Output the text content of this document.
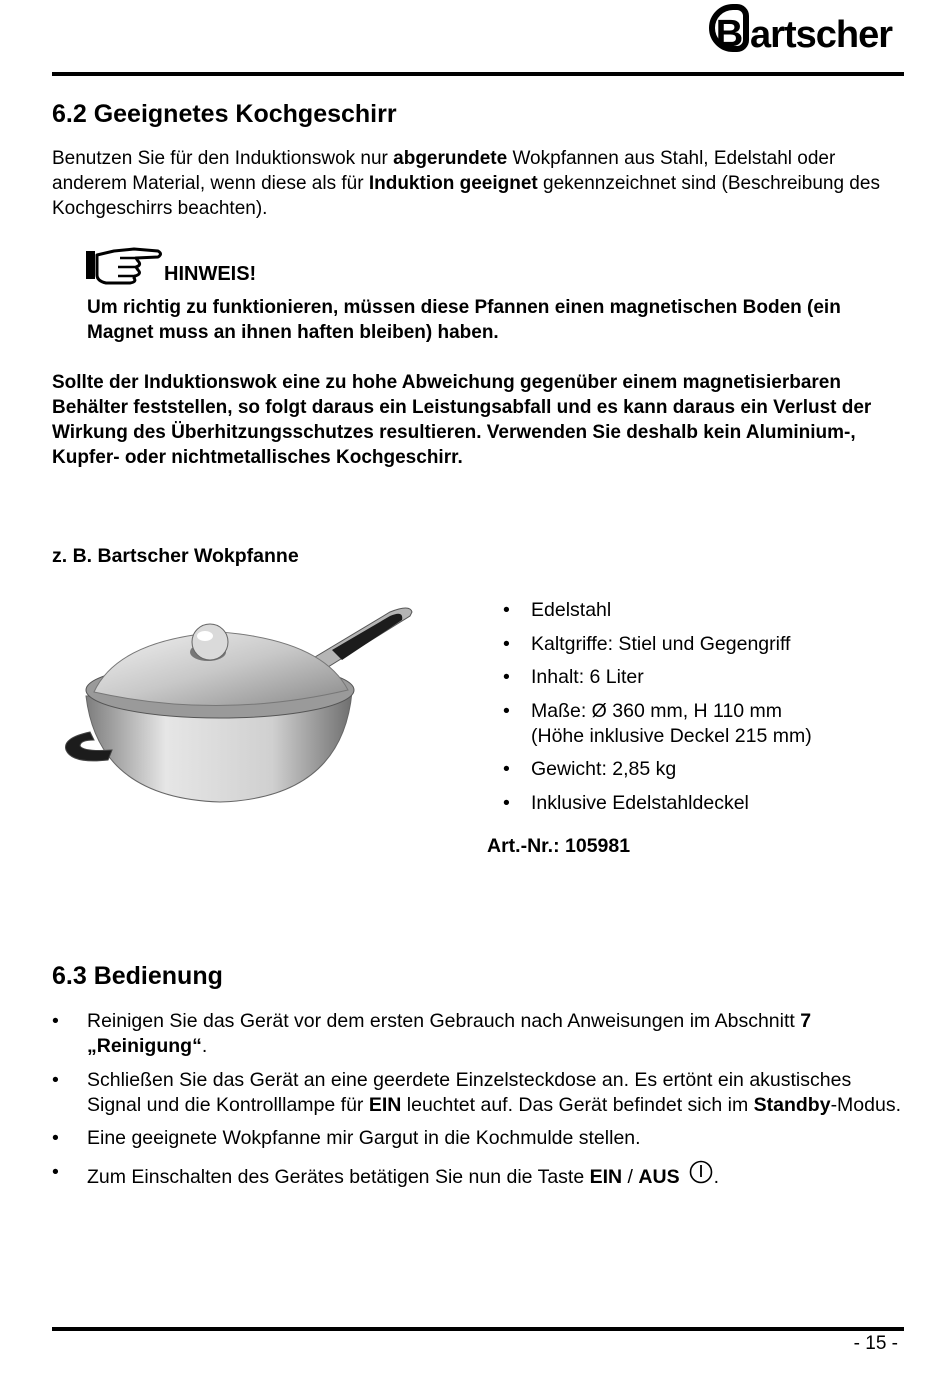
B artscher
6.2 Geeignetes Kochgeschirr

Benutzen Sie für den Induktionswok nur abgerundete Wokpfannen aus Stahl, Edelstahl oder anderem Material, wenn diese als für Induktion geeignet gekennzeichnet sind (Beschreibung des Kochgeschirrs beachten).

HINWEIS!

Um richtig zu funktionieren, müssen diese Pfannen einen magnetischen Boden (ein Magnet muss an ihnen haften bleiben) haben.

Sollte der Induktionswok eine zu hohe Abweichung gegenüber einem magnetisierbaren Behälter feststellen, so folgt daraus ein Leistungsabfall und es kann daraus ein Verlust der Wirkung des Überhitzungsschutzes resultieren. Verwenden Sie deshalb kein Aluminium-, Kupfer- oder nichtmetallisches Kochgeschirr.

z. B. Bartscher Wokpfanne
• Edelstahl
• Kaltgriffe: Stiel und Gegengriff
• Inhalt: 6 Liter
• Maße: Ø 360 mm, H 110 mm
(Höhe inklusive Deckel 215 mm)
• Gewicht: 2,85 kg
• Inklusive Edelstahldeckel
Art.-Nr.: 105981
6.3 Bedienung
• Reinigen Sie das Gerät vor dem ersten Gebrauch nach Anweisungen im Abschnitt 7 „Reinigung“.
• Schließen Sie das Gerät an eine geerdete Einzelsteckdose an. Es ertönt ein akustisches Signal und die Kontrolllampe für EIN leuchtet auf. Das Gerät befindet sich im Standby-Modus.
• Eine geeignete Wokpfanne mir Gargut in die Kochmulde stellen.
• Zum Einschalten des Gerätes betätigen Sie nun die Taste EIN / AUS .
- 15 -
